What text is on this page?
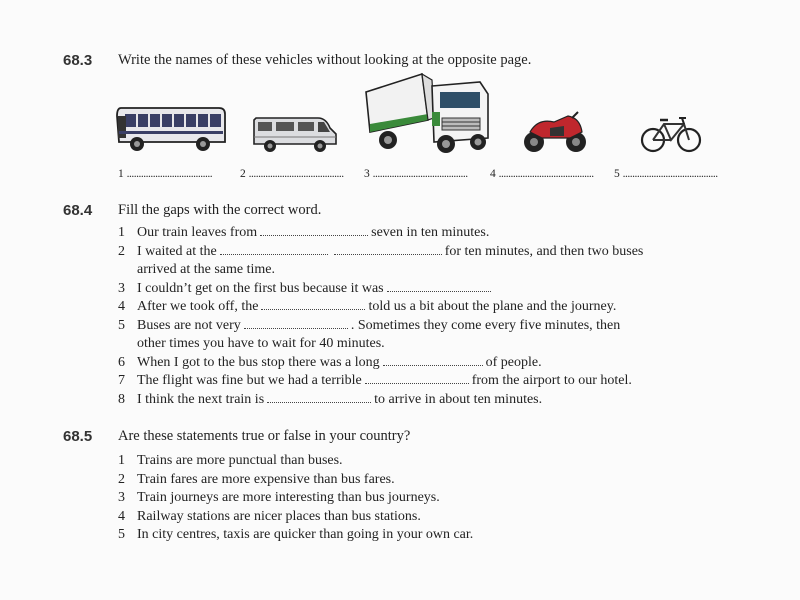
68.3 Write the names of these vehicles without looking at the opposite page.
1 .................................... 2 ........................................ 3 ........................................ 4 ........................................ 5 ........................................
68.4 Fill the gaps with the correct word.
1 Our train leaves from	seven in ten minutes.
2 I waited at the	for ten minutes, and then two buses
arrived at the same time.
3 I couldn’t get on the first bus because it was
4 After we took off, the	told us a bit about the plane and the journey.
5 Buses are not very	. Sometimes they come every five minutes, then
other times you have to wait for 40 minutes.
6 When I got to the bus stop there was a long	of people.
7 The flight was fine but we had a terrible	from the airport to our hotel.
8 I think the next train is	to arrive in about ten minutes.
68.5 Are these statements true or false in your country?
1 Trains are more punctual than buses.
2 Train fares are more expensive than bus fares.
3 Train journeys are more interesting than bus journeys.
4 Railway stations are nicer places than bus stations.
5 In city centres, taxis are quicker than going in your own car.
